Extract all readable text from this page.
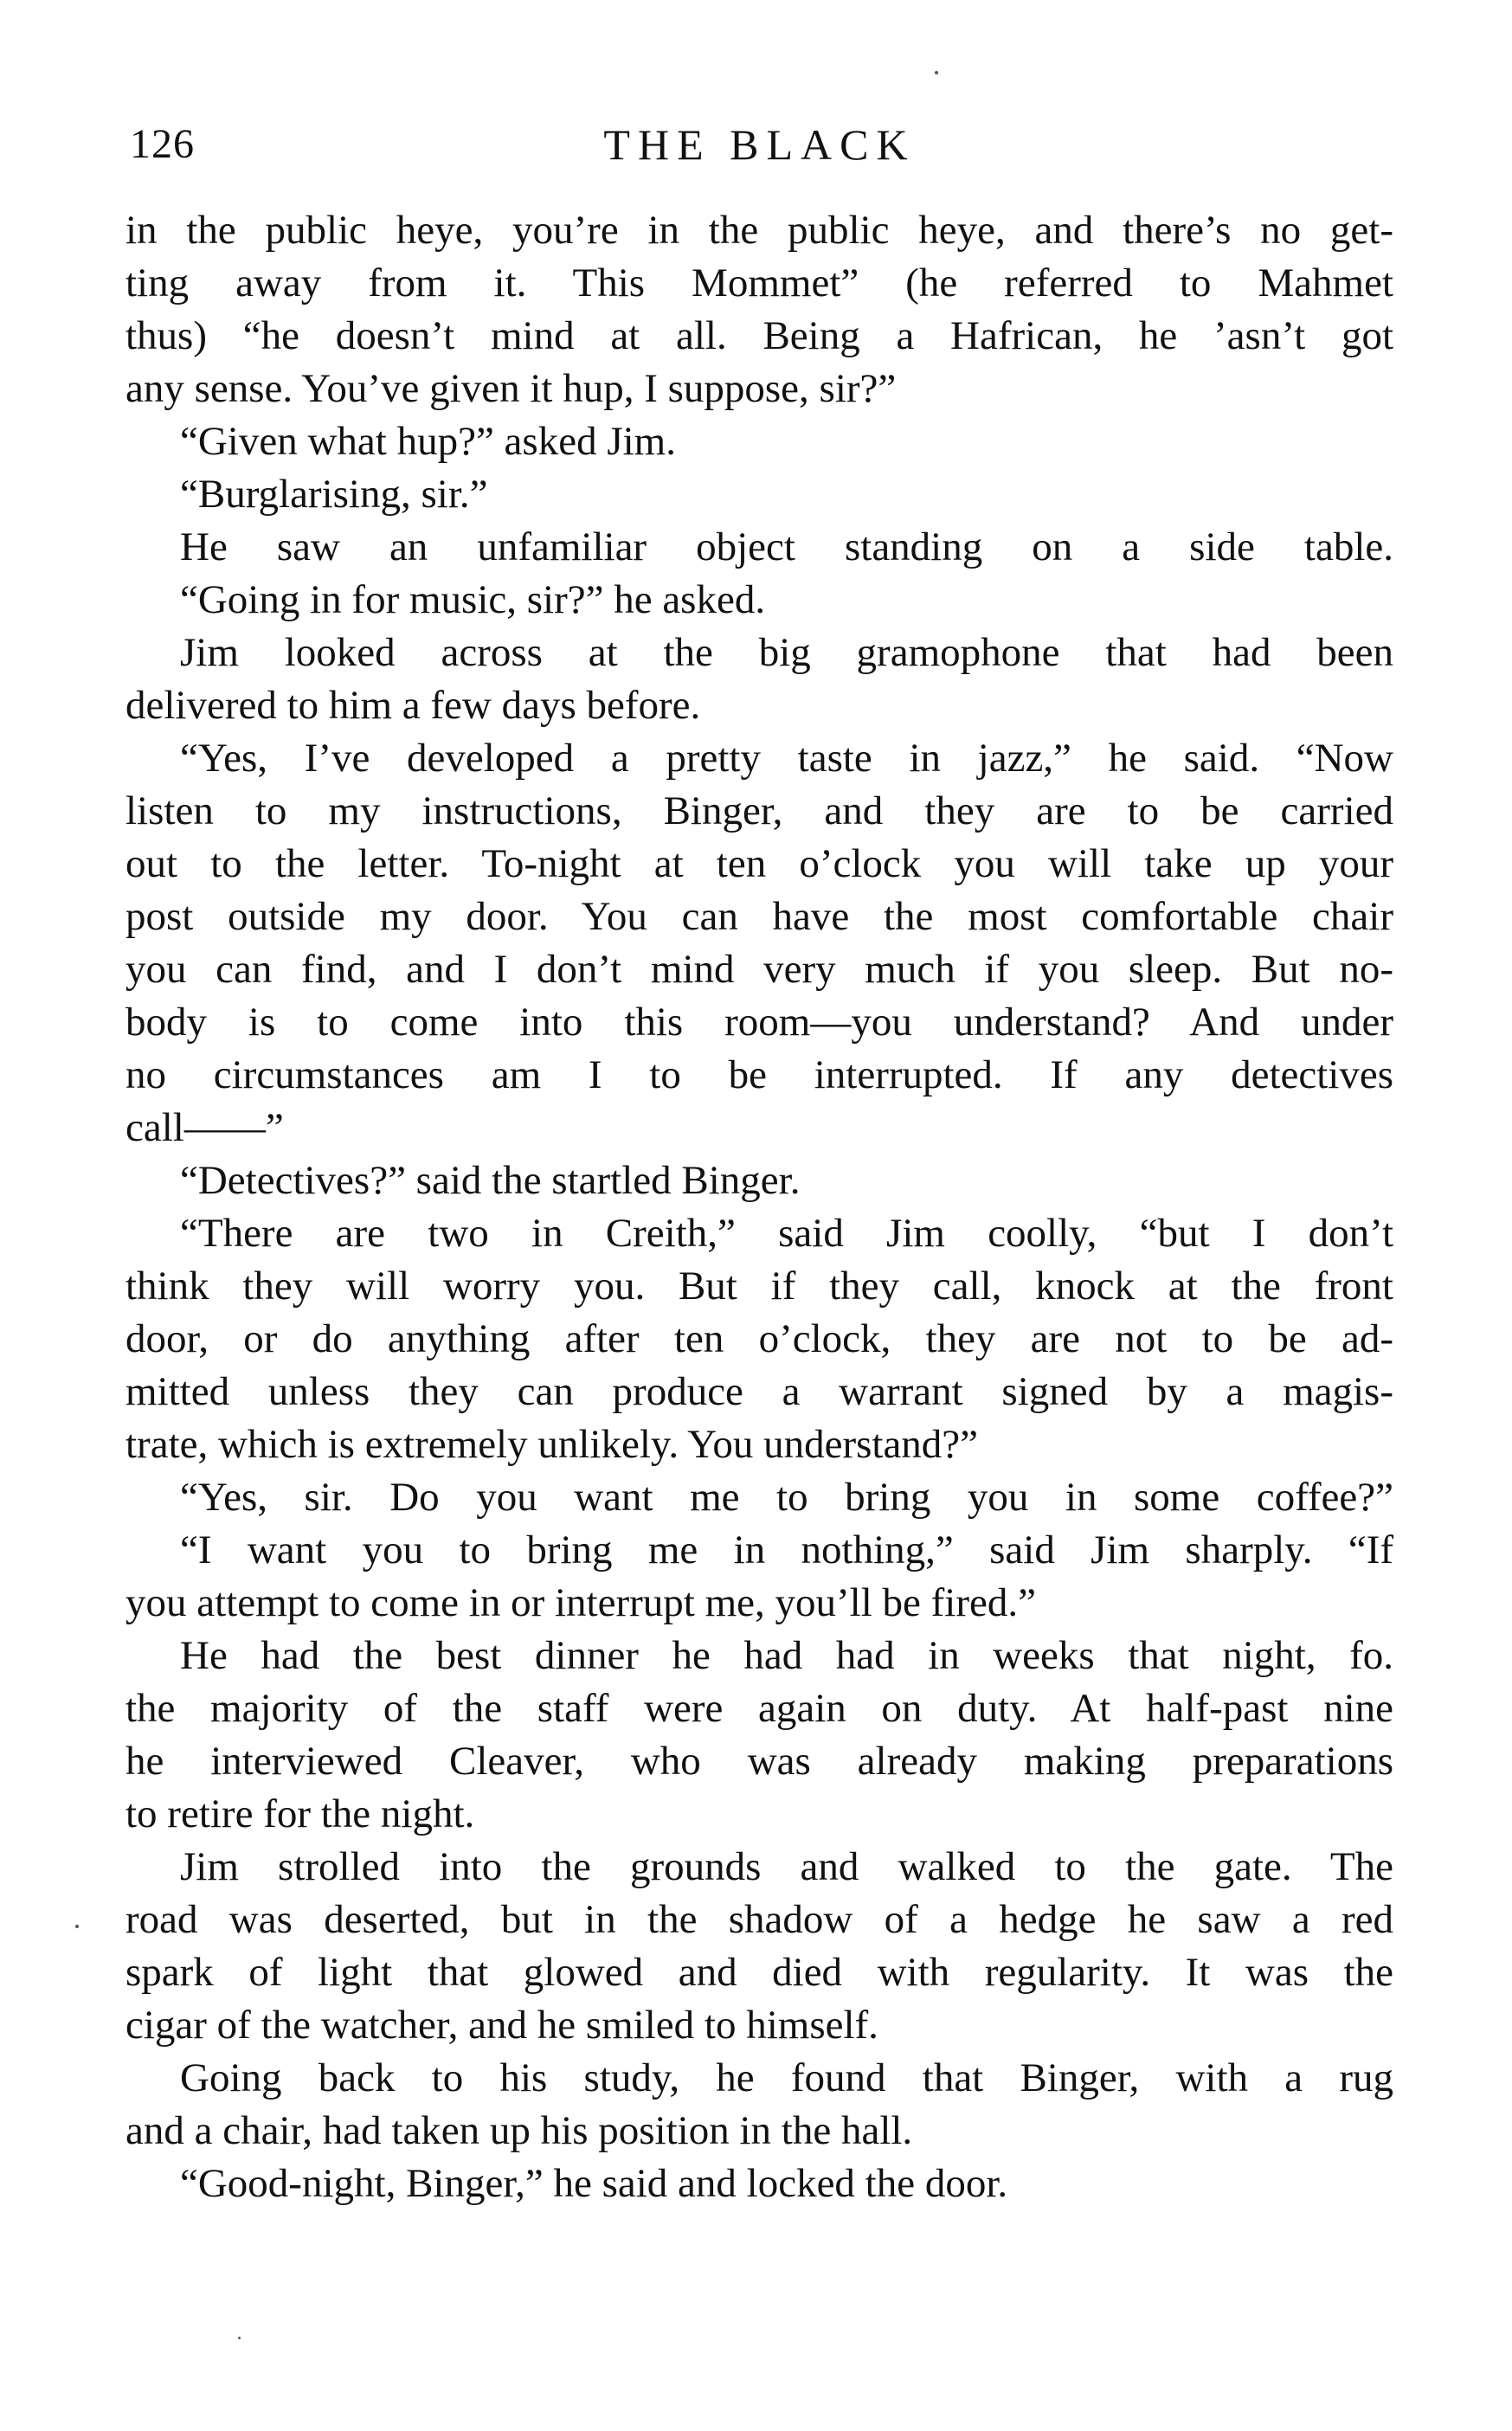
126	THE BLACK
in the public heye, you’re in the public heye, and there’s no get-
ting away from it. This Mommet” (he referred to Mahmet
thus) “he doesn’t mind at all. Being a Hafrican, he ’asn’t got
any sense. You’ve given it hup, I suppose, sir?”
“Given what hup?” asked Jim.
“Burglarising, sir.”
He saw an unfamiliar object standing on a side table.
“Going in for music, sir?” he asked.
Jim looked across at the big gramophone that had been
delivered to him a few days before.
“Yes, I’ve developed a pretty taste in jazz,” he said. “Now
listen to my instructions, Binger, and they are to be carried
out to the letter. To-night at ten o’clock you will take up your
post outside my door. You can have the most comfortable chair
you can find, and I don’t mind very much if you sleep. But no-
body is to come into this room—you understand? And under
no circumstances am I to be interrupted. If any detectives
call——”
“Detectives?” said the startled Binger.
“There are two in Creith,” said Jim coolly, “but I don’t
think they will worry you. But if they call, knock at the front
door, or do anything after ten o’clock, they are not to be ad-
mitted unless they can produce a warrant signed by a magis-
trate, which is extremely unlikely. You understand?”
“Yes, sir. Do you want me to bring you in some coffee?”
“I want you to bring me in nothing,” said Jim sharply. “If
you attempt to come in or interrupt me, you’ll be fired.”
He had the best dinner he had had in weeks that night, fo.
the majority of the staff were again on duty. At half-past nine
he interviewed Cleaver, who was already making preparations
to retire for the night.
Jim strolled into the grounds and walked to the gate. The
road was deserted, but in the shadow of a hedge he saw a red
spark of light that glowed and died with regularity. It was the
cigar of the watcher, and he smiled to himself.
Going back to his study, he found that Binger, with a rug
and a chair, had taken up his position in the hall.
“Good-night, Binger,” he said and locked the door.
